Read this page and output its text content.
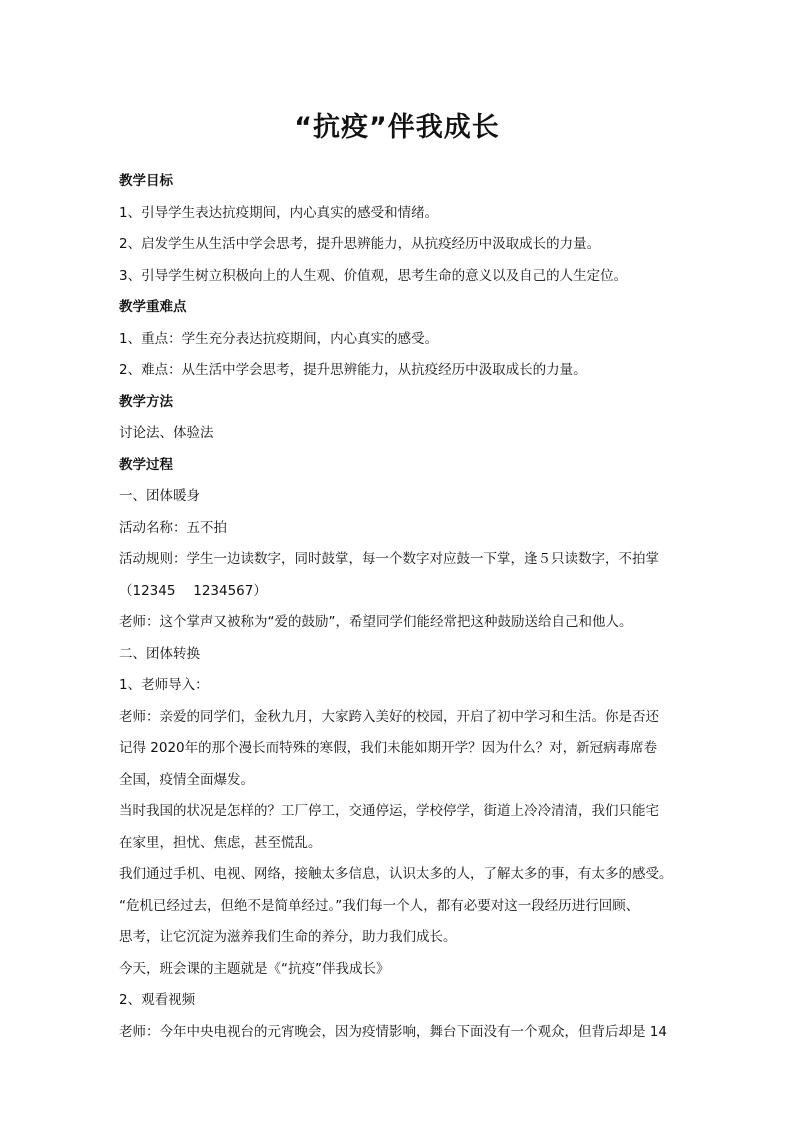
“抗疫”伴我成长
教学目标
1、引导学生表达抗疫期间，内心真实的感受和情绪。
2、启发学生从生活中学会思考，提升思辨能力，从抗疫经历中汲取成长的力量。
3、引导学生树立积极向上的人生观、价值观，思考生命的意义以及自己的人生定位。
教学重难点
1、重点：学生充分表达抗疫期间，内心真实的感受。
2、难点：从生活中学会思考，提升思辨能力，从抗疫经历中汲取成长的力量。
教学方法
讨论法、体验法
教学过程
一、团体暖身
活动名称：五不拍
活动规则：学生一边读数字，同时鼓掌，每一个数字对应鼓一下掌，逢５只读数字，不拍掌
（12345　 1234567）
老师：这个掌声又被称为“爱的鼓励”，希望同学们能经常把这种鼓励送给自己和他人。
二、团体转换
1、老师导入：
老师：亲爱的同学们，金秋九月，大家跨入美好的校园，开启了初中学习和生活。你是否还
记得 2020年的那个漫长而特殊的寒假，我们未能如期开学？因为什么？对，新冠病毒席卷
全国，疫情全面爆发。
当时我国的状况是怎样的？工厂停工，交通停运，学校停学，街道上冷冷清清，我们只能宅
在家里，担忧、焦虑，甚至慌乱。
我们通过手机、电视、网络，接触太多信息，认识太多的人，了解太多的事，有太多的感受。
“危机已经过去，但绝不是简单经过。”我们每一个人，都有必要对这一段经历进行回顾、
思考，让它沉淀为滋养我们生命的养分，助力我们成长。
今天，班会课的主题就是《“抗疫”伴我成长》
2、观看视频
老师：今年中央电视台的元宵晚会，因为疫情影响，舞台下面没有一个观众，但背后却是 14
